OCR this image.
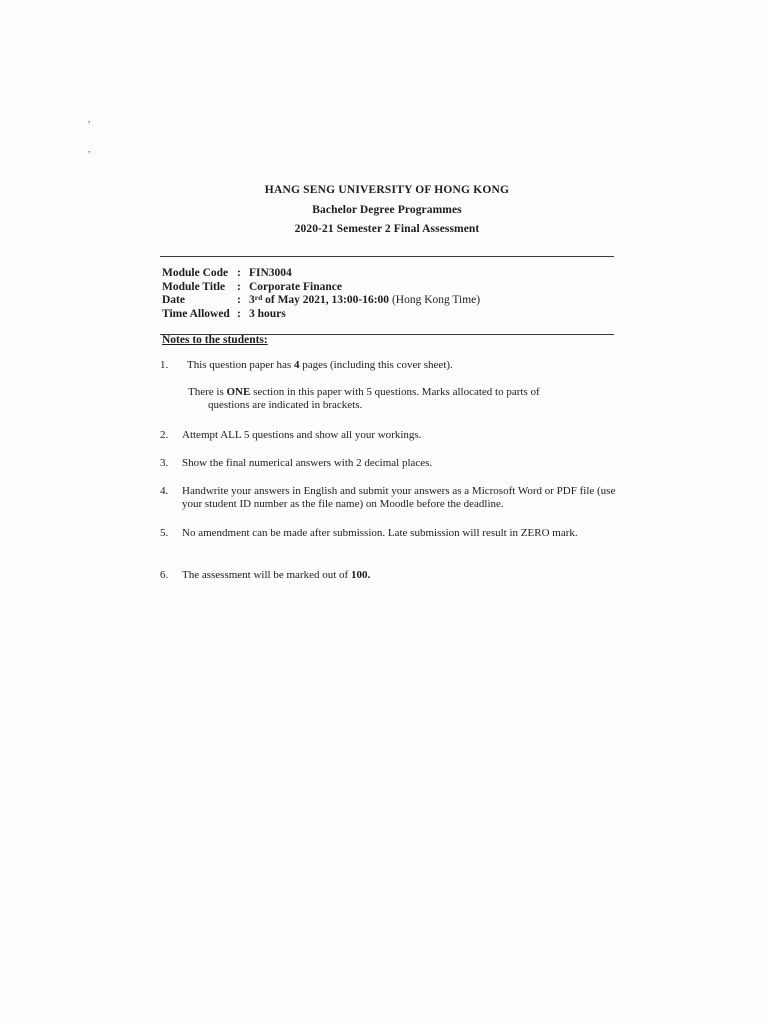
,
,
HANG SENG UNIVERSITY OF HONG KONG
Bachelor Degree Programmes
2020-21 Semester 2 Final Assessment
Module Code : FIN3004
Module Title	: Corporate Finance
Date	: 3rd of May 2021, 13:00-16:00 (Hong Kong Time)
Time Allowed : 3 hours
Notes to the students:
1. This question paper has 4 pages (including this cover sheet).
There is ONE section in this paper with 5 questions. Marks allocated to parts of
questions are indicated in brackets.
2. Attempt ALL 5 questions and show all your workings.
3. Show the final numerical answers with 2 decimal places.
4. Handwrite your answers in English and submit your answers as a Microsoft Word or PDF file (use your student ID number as the file name) on Moodle before the deadline.
5. No amendment can be made after submission. Late submission will result in ZERO mark.
6. The assessment will be marked out of 100.
